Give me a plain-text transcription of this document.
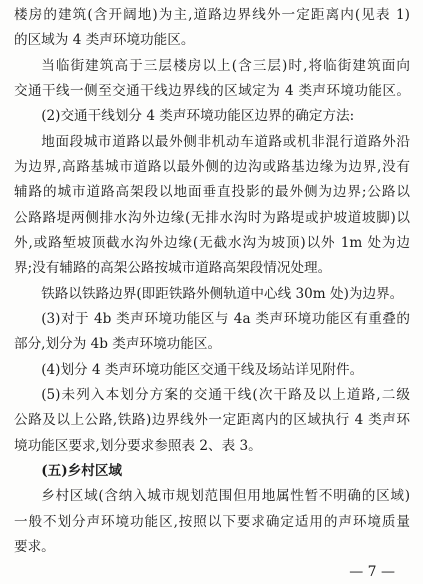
楼房的建筑(含开阔地)为主,道路边界线外一定距离内(见表 1)
的区域为 4 类声环境功能区。
当临街建筑高于三层楼房以上(含三层)时,将临街建筑面向
交通干线一侧至交通干线边界线的区域定为 4 类声环境功能区。
(2)交通干线划分 4 类声环境功能区边界的确定方法:
地面段城市道路以最外侧非机动车道路或机非混行道路外沿
为边界,高路基城市道路以最外侧的边沟或路基边缘为边界,没有
辅路的城市道路高架段以地面垂直投影的最外侧为边界;公路以
公路路堤两侧排水沟外边缘(无排水沟时为路堤或护坡道坡脚)以
外,或路堑坡顶截水沟外边缘(无截水沟为坡顶)以外 1m 处为边
界;没有辅路的高架公路按城市道路高架段情况处理。
铁路以铁路边界(即距铁路外侧轨道中心线 30m 处)为边界。
(3)对于 4b 类声环境功能区与 4a 类声环境功能区有重叠的
部分,划分为 4b 类声环境功能区。
(4)划分 4 类声环境功能区交通干线及场站详见附件。
(5)未列入本划分方案的交通干线(次干路及以上道路,二级
公路及以上公路,铁路)边界线外一定距离内的区域执行 4 类声环
境功能区要求,划分要求参照表 2、表 3。
(五)乡村区域
乡村区域(含纳入城市规划范围但用地属性暂不明确的区域)
一般不划分声环境功能区,按照以下要求确定适用的声环境质量
要求。
— 7 —
